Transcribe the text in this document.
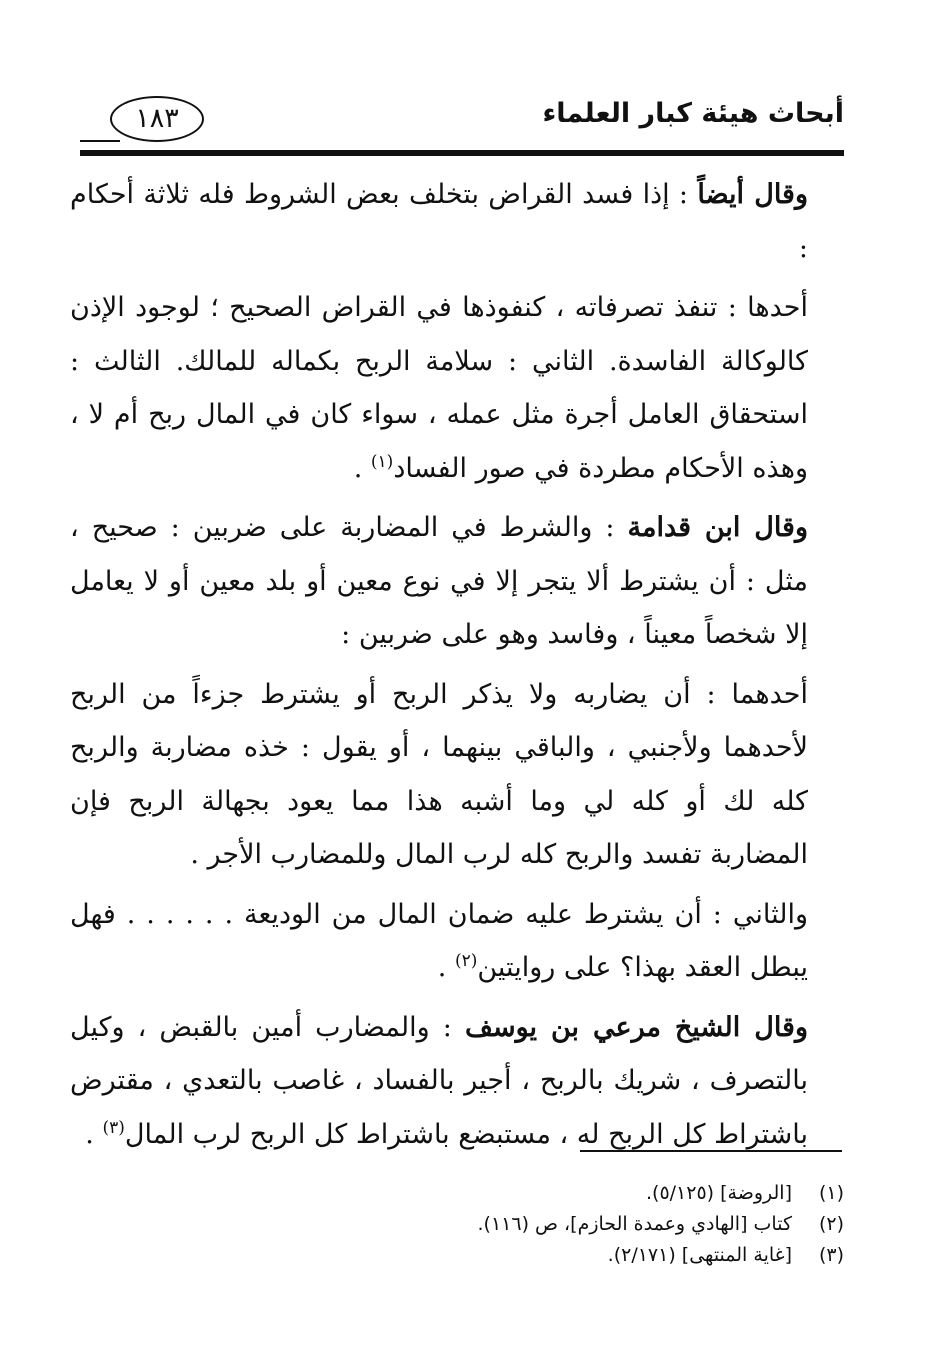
أبحاث هيئة كبار العلماء
١٨٣

وقال أيضاً : إذا فسد القراض بتخلف بعض الشروط فله ثلاثة أحكام :

أحدها : تنفذ تصرفاته ، كنفوذها في القراض الصحيح ؛ لوجود الإذن كالوكالة الفاسدة. الثاني : سلامة الربح بكماله للمالك. الثالث : استحقاق العامل أجرة مثل عمله ، سواء كان في المال ربح أم لا ، وهذه الأحكام مطردة في صور الفساد$^{(١)}$ .

وقال ابن قدامة : والشرط في المضاربة على ضربين : صحيح ، مثل : أن يشترط ألا يتجر إلا في نوع معين أو بلد معين أو لا يعامل إلا شخصاً معيناً ، وفاسد وهو على ضربين :

أحدهما : أن يضاربه ولا يذكر الربح أو يشترط جزءاً من الربح لأحدهما ولأجنبي ، والباقي بينهما ، أو يقول : خذه مضاربة والربح كله لك أو كله لي وما أشبه هذا مما يعود بجهالة الربح فإن المضاربة تفسد والربح كله لرب المال وللمضارب الأجر .

والثاني : أن يشترط عليه ضمان المال من الوديعة . . . . . . فهل يبطل العقد بهذا؟ على روايتين$^{(٢)}$ .

وقال الشيخ مرعي بن يوسف : والمضارب أمين بالقبض ، وكيل بالتصرف ، شريك بالربح ، أجير بالفساد ، غاصب بالتعدي ، مقترض باشتراط كل الربح له ، مستبضع باشتراط كل الربح لرب المال$^{(٣)}$ .

(١)
[الروضة] (٥/١٢٥).
(٢)
كتاب [الهادي وعمدة الحازم]، ص (١١٦).
(٣)
[غاية المنتهى] (٢/١٧١).
